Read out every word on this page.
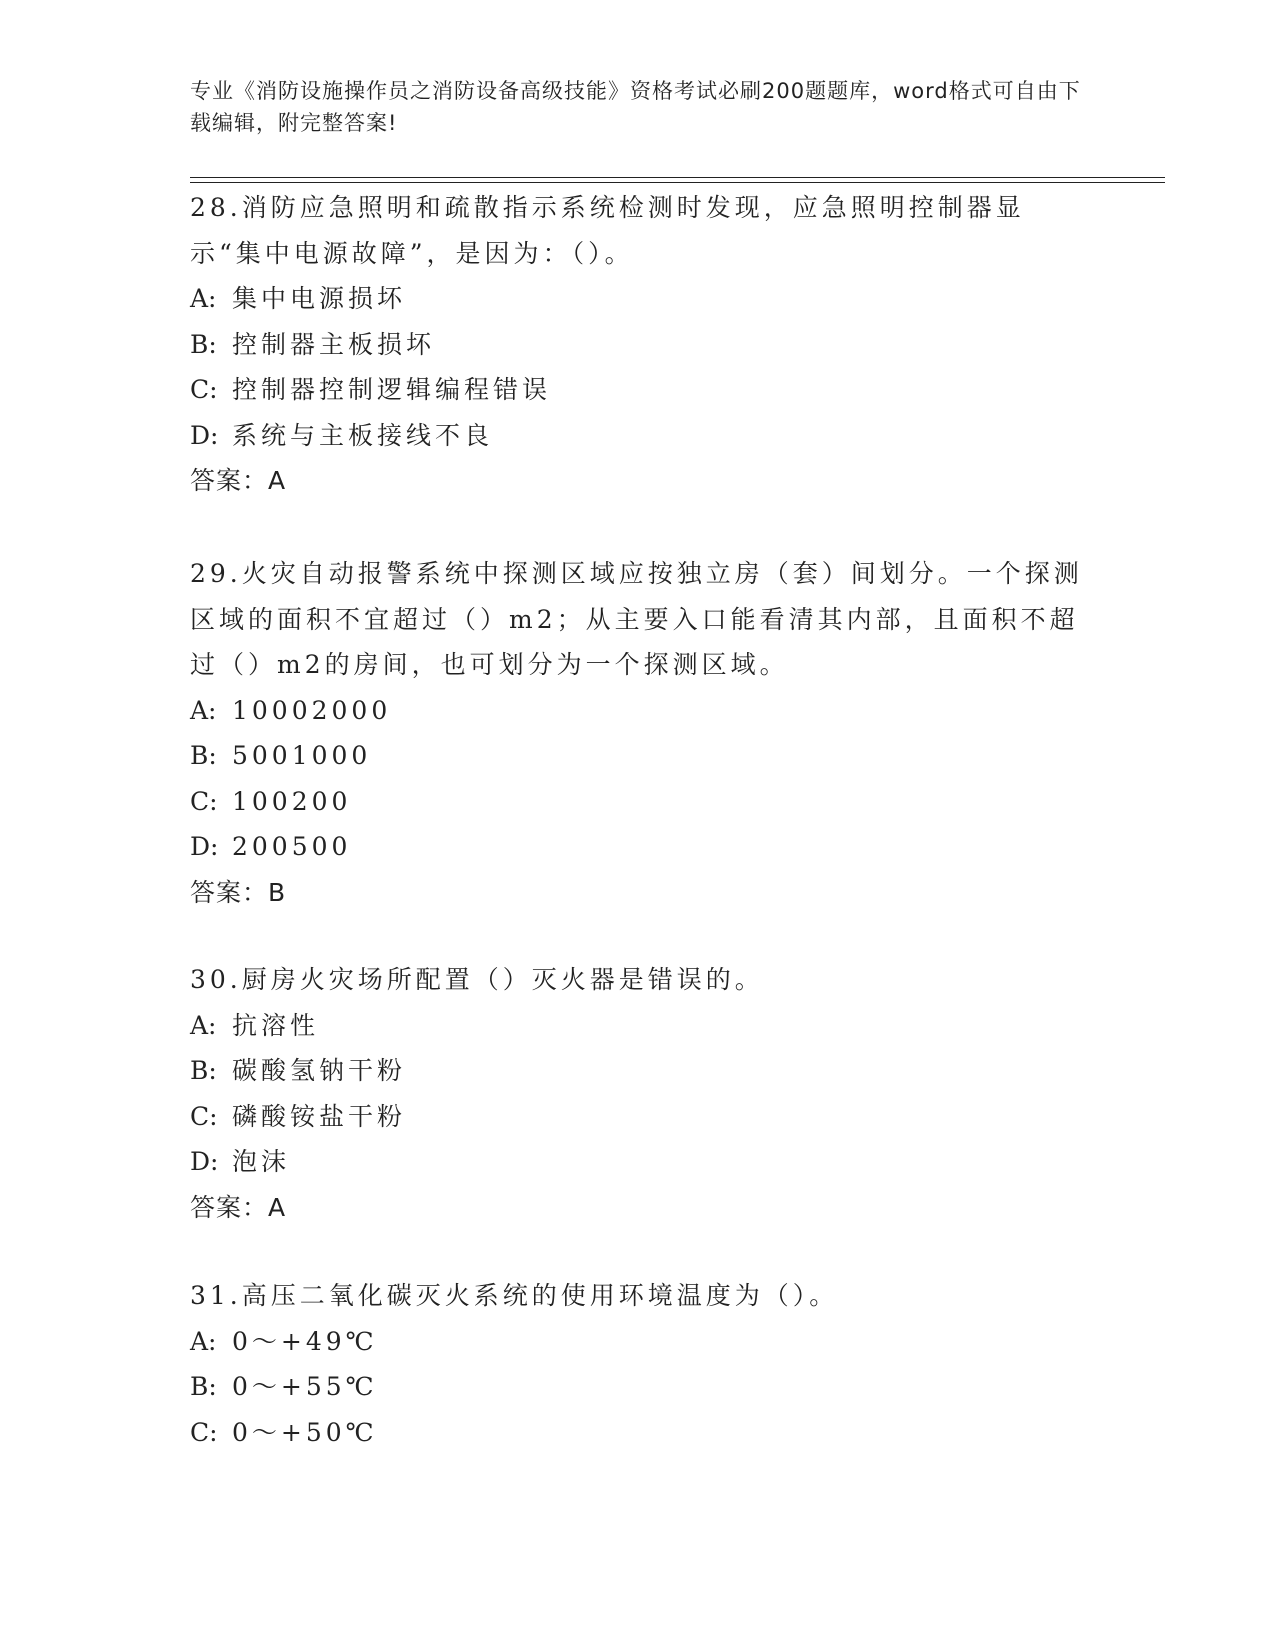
专业《消防设施操作员之消防设备高级技能》资格考试必刷200题题库，word格式可自由下载编辑，附完整答案!

28.消防应急照明和疏散指示系统检测时发现，应急照明控制器显示“集中电源故障”，是因为：（）。

A: 集中电源损坏

B: 控制器主板损坏

C: 控制器控制逻辑编程错误

D: 系统与主板接线不良

答案：A

29.火灾自动报警系统中探测区域应按独立房（套）间划分。一个探测区域的面积不宜超过（）m2；从主要入口能看清其内部，且面积不超过（）m2的房间，也可划分为一个探测区域。

A: 10002000

B: 5001000

C: 100200

D: 200500

答案：B

30.厨房火灾场所配置（）灭火器是错误的。

A: 抗溶性

B: 碳酸氢钠干粉

C: 磷酸铵盐干粉

D: 泡沫

答案：A

31.高压二氧化碳灭火系统的使用环境温度为（）。

A: 0～+49℃

B: 0～+55℃

C: 0～+50℃
